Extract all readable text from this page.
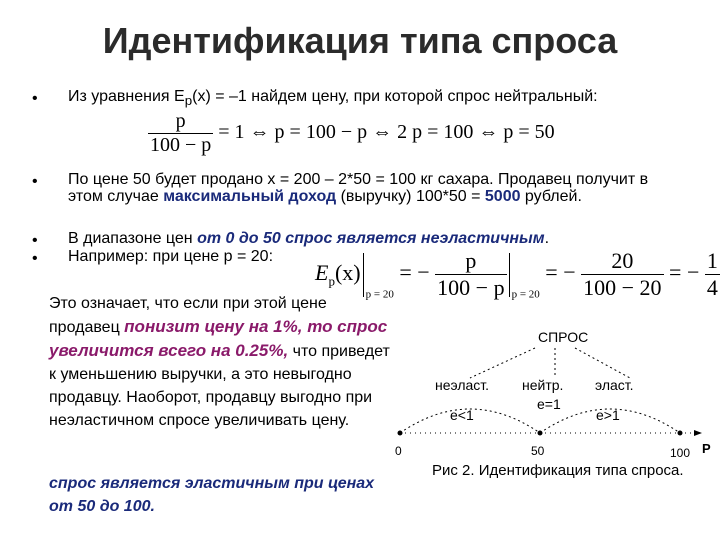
Идентификация типа спроса
• Из уравнения $E_p(x) = -1$ найдем цену, при которой спрос нейтральный:
$\frac{p}{100 - p} = 1$ ⇔ p = 100 − p ⇔ 2 p = 100 ⇔ p = 50
• По цене 50 будет продано x = 200 – 2*50 = 100 кг сахара. Продавец получит в этом случае максимальный доход (выручку) 100*50 = 5000 рублей.
• В диапазоне цен от 0 до 50 спрос является неэластичным.
• Например: при цене p = 20:
$E_p(x)_{p = 20}$ = − $\frac{p}{100 - p} _{p = 20}$ = − $\frac{20}{100 - 20}$ = − $\frac{1}{4}$
Это означает, что если при этой цене продавец понизит цену на 1%, то спрос увеличится всего на 0.25%, что приведет к уменьшению выручки, а это невыгодно продавцу. Наоборот, продавцу выгодно при неэластичном спросе увеличивать цену.
спрос является эластичным при ценах от 50 до 100.
СПРОС
неэласт. нейтр. эласт.
e=1
e<1	e>1
0	50	100 P
Рис 2. Идентификация типа спроса.
